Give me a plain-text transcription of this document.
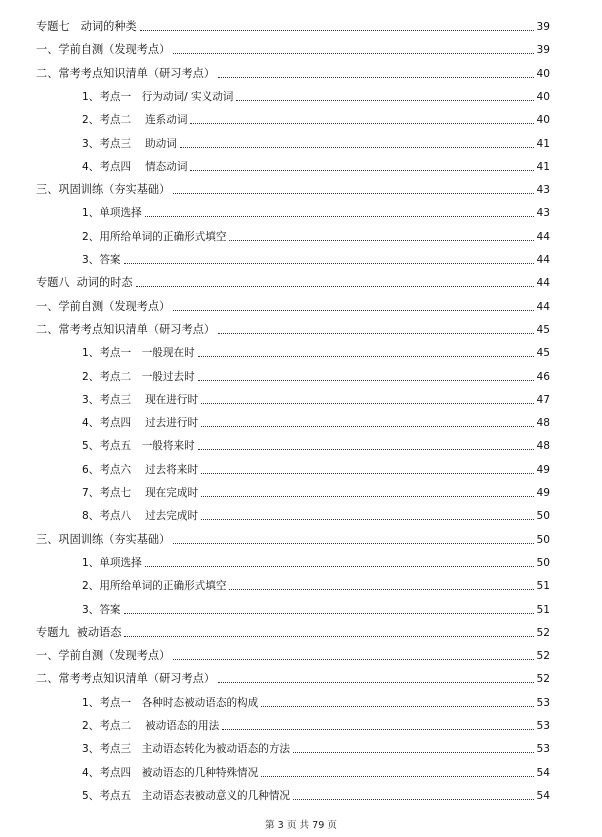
专题七　动词的种类	39
一、学前自测（发现考点）	39
二、常考考点知识清单（研习考点）	40
1、考点一　行为动词/ 实义动词	40
2、考点二　 连系动词	40
3、考点三　 助动词	41
4、考点四　 情态动词	41
三、巩固训练（夯实基础）	43
1、单项选择	43
2、用所给单词的正确形式填空	44
3、答案	44
专题八  动词的时态	44
一、学前自测（发现考点）	44
二、常考考点知识清单（研习考点）	45
1、考点一　一般现在时	45
2、考点二　一般过去时	46
3、考点三　 现在进行时	47
4、考点四　 过去进行时	48
5、考点五　一般将来时	48
6、考点六　 过去将来时	49
7、考点七　 现在完成时	49
8、考点八　 过去完成时	50
三、巩固训练（夯实基础）	50
1、单项选择	50
2、用所给单词的正确形式填空	51
3、答案	51
专题九  被动语态	52
一、学前自测（发现考点）	52
二、常考考点知识清单（研习考点）	52
1、考点一　各种时态被动语态的构成	53
2、考点二　 被动语态的用法	53
3、考点三　主动语态转化为被动语态的方法	53
4、考点四　被动语态的几种特殊情况	54
5、考点五　主动语态表被动意义的几种情况	54
第 3 页 共 79 页
